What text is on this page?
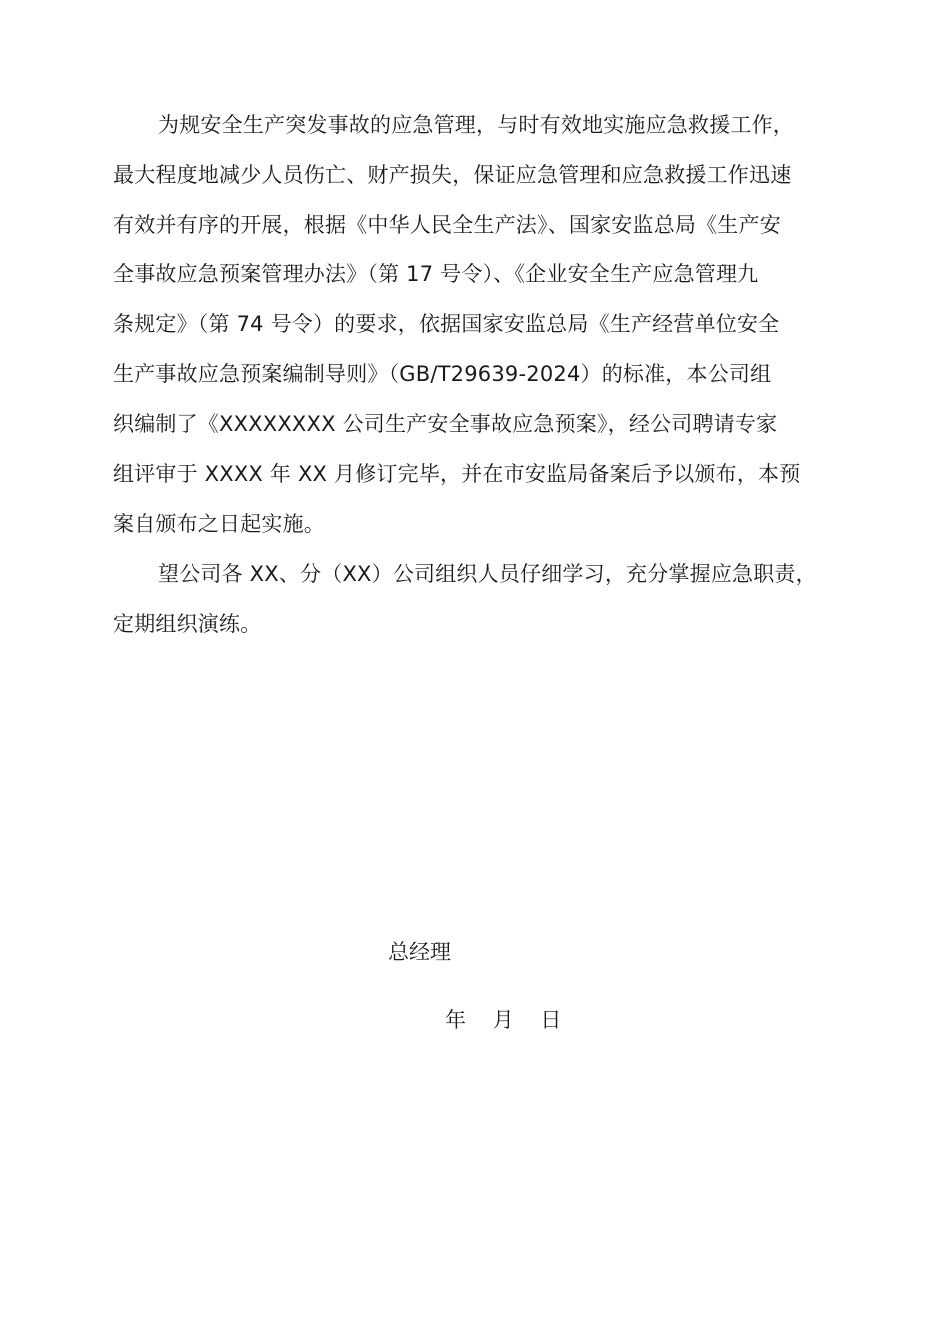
为规安全生产突发事故的应急管理，与时有效地实施应急救援工作，
最大程度地减少人员伤亡、财产损失，保证应急管理和应急救援工作迅速
有效并有序的开展，根据《中华人民全生产法》、国家安监总局《生产安
全事故应急预案管理办法》（第 17 号令）、《企业安全生产应急管理九
条规定》（第 74 号令）的要求，依据国家安监总局《生产经营单位安全
生产事故应急预案编制导则》（GB/T29639-2024）的标准，本公司组
织编制了《XXXXXXXX 公司生产安全事故应急预案》，经公司聘请专家
组评审于 XXXX 年 XX 月修订完毕，并在市安监局备案后予以颁布，本预
案自颁布之日起实施。
望公司各 XX、分（XX）公司组织人员仔细学习，充分掌握应急职责，
定期组织演练。
总经理
年    月    日
